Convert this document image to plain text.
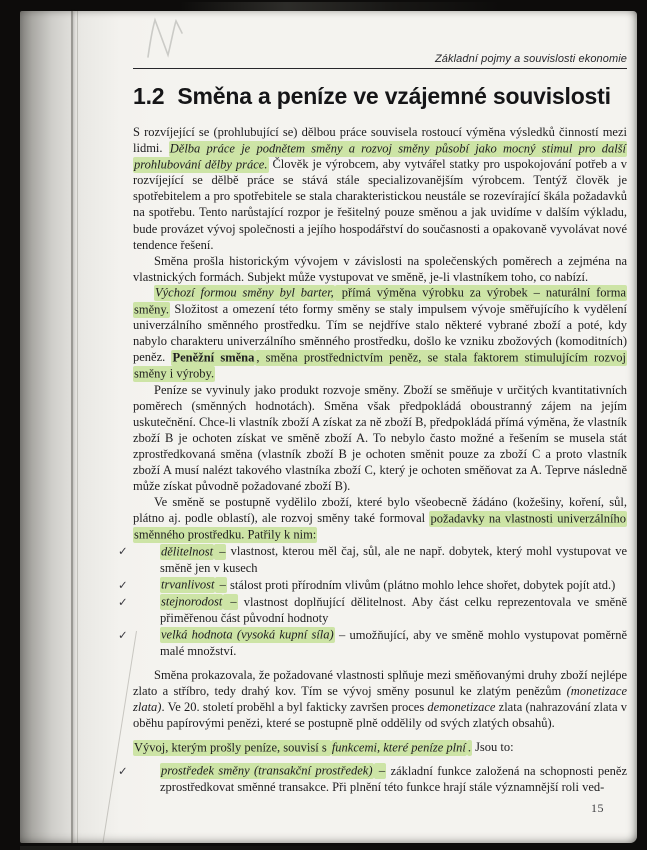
Základní pojmy a souvislosti ekonomie
1.2 Směna a peníze ve vzájemné souvislosti
S rozvíjející se (prohlubující se) dělbou práce souvisela rostoucí výměna výsledků činností mezi lidmi. Dělba práce je podnětem směny a rozvoj směny působí jako mocný stimul pro další prohlubování dělby práce. Člověk je výrobcem, aby vytvářel statky pro uspokojování potřeb a v rozvíjející se dělbě práce se stává stále specializovanějším výrobcem. Tentýž člověk je spotřebitelem a pro spotřebitele se stala charakteristickou neustále se rozevírající škála požadavků na spotřebu. Tento narůstající rozpor je řešitelný pouze směnou a jak uvidíme v dalším výkladu, bude provázet vývoj společnosti a jejího hospodářství do současnosti a opakovaně vyvolávat nové tendence řešení.
Směna prošla historickým vývojem v závislosti na společenských poměrech a zejména na vlastnických formách. Subjekt může vystupovat ve směně, je-li vlastníkem toho, co nabízí.
Výchozí formou směny byl barter, přímá výměna výrobku za výrobek – naturální forma směny. Složitost a omezení této formy směny se staly impulsem vývoje směřujícího k vydělení univerzálního směnného prostředku. Tím se nejdříve stalo některé vybrané zboží a poté, kdy nabylo charakteru univerzálního směnného prostředku, došlo ke vzniku zbožových (komoditních) peněz. Peněžní směna , směna prostřednictvím peněz, se stala faktorem stimulujícím rozvoj směny i výroby.
Peníze se vyvinuly jako produkt rozvoje směny. Zboží se směňuje v určitých kvantitativních poměrech (směnných hodnotách). Směna však předpokládá oboustranný zájem na jejím uskutečnění. Chce-li vlastník zboží A získat za ně zboží B, předpokládá přímá výměna, že vlastník zboží B je ochoten získat ve směně zboží A. To nebylo často možné a řešením se musela stát zprostředkovaná směna (vlastník zboží B je ochoten směnit pouze za zboží C a proto vlastník zboží A musí nalézt takového vlastníka zboží C, který je ochoten směňovat za A. Teprve následně může získat původně požadované zboží B).
Ve směně se postupně vydělilo zboží, které bylo všeobecně žádáno (kožešiny, koření, sůl, plátno aj. podle oblastí), ale rozvoj směny také formoval požadavky na vlastnosti univerzálního směnného prostředku. Patřily k nim:
✓	dělitelnost – vlastnost, kterou měl čaj, sůl, ale ne např. dobytek, který mohl vystupovat ve směně jen v kusech
✓	trvanlivost – stálost proti přírodním vlivům (plátno mohlo lehce shořet, dobytek pojít atd.)
✓	stejnorodost – vlastnost doplňující dělitelnost. Aby část celku reprezentovala ve směně přiměřenou část původní hodnoty
✓	velká hodnota (vysoká kupní síla) – umožňující, aby ve směně mohlo vystupovat poměrně malé množství.
Směna prokazovala, že požadované vlastnosti splňuje mezi směňovanými druhy zboží nejlépe zlato a stříbro, tedy drahý kov. Tím se vývoj směny posunul ke zlatým penězům (monetizace zlata). Ve 20. století proběhl a byl fakticky završen proces demonetizace zlata (nahrazování zlata v oběhu papírovými penězi, které se postupně plně oddělily od svých zlatých obsahů).
Vývoj, kterým prošly peníze, souvisí s funkcemi, které peníze plní . Jsou to:
✓	prostředek směny (transakční prostředek) – základní funkce založená na schopnosti peněz zprostředkovat směnné transakce. Při plnění této funkce hrají stále významnější roli ved-
15
